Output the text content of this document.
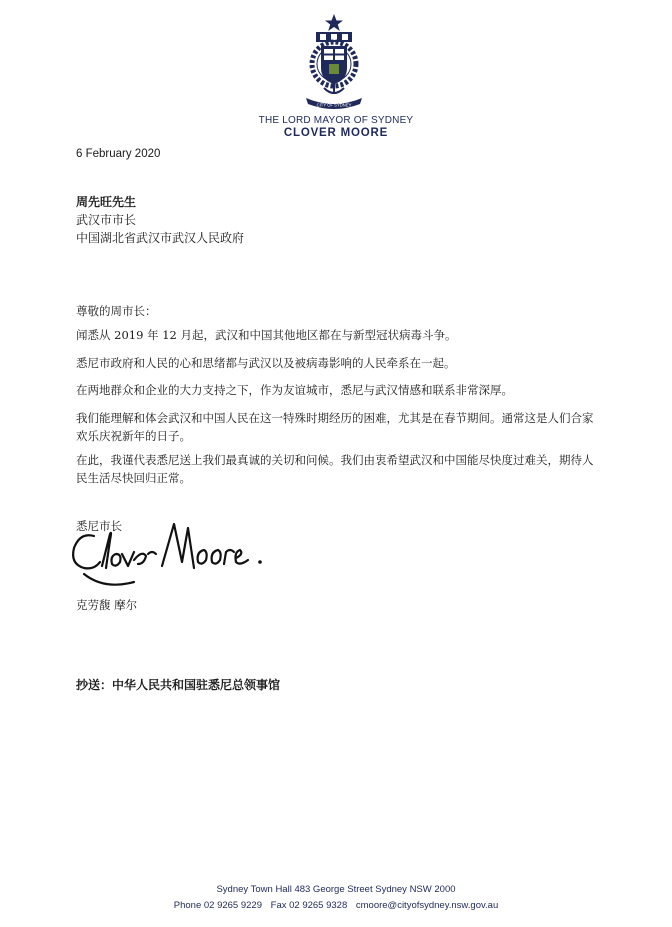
CITY OF SYDNEY
THE LORD MAYOR OF SYDNEY
CLOVER MOORE
6 February 2020
周先旺先生
武汉市市长
中国湖北省武汉市武汉人民政府
尊敬的周市长：
闻悉从 2019 年 12 月起，武汉和中国其他地区都在与新型冠状病毒斗争。
悉尼市政府和人民的心和思绪都与武汉以及被病毒影响的人民牵系在一起。
在两地群众和企业的大力支持之下，作为友谊城市，悉尼与武汉情感和联系非常深厚。
我们能理解和体会武汉和中国人民在这一特殊时期经历的困难，尤其是在春节期间。通常这是人们合家欢乐庆祝新年的日子。
在此，我谨代表悉尼送上我们最真诚的关切和问候。我们由衷希望武汉和中国能尽快度过难关，期待人民生活尽快回归正常。
悉尼市长
克劳馥 摩尔
抄送：中华人民共和国驻悉尼总领事馆
Sydney Town Hall 483 George Street Sydney NSW 2000
Phone 02 9265 9229 Fax 02 9265 9328 cmoore@cityofsydney.nsw.gov.au
